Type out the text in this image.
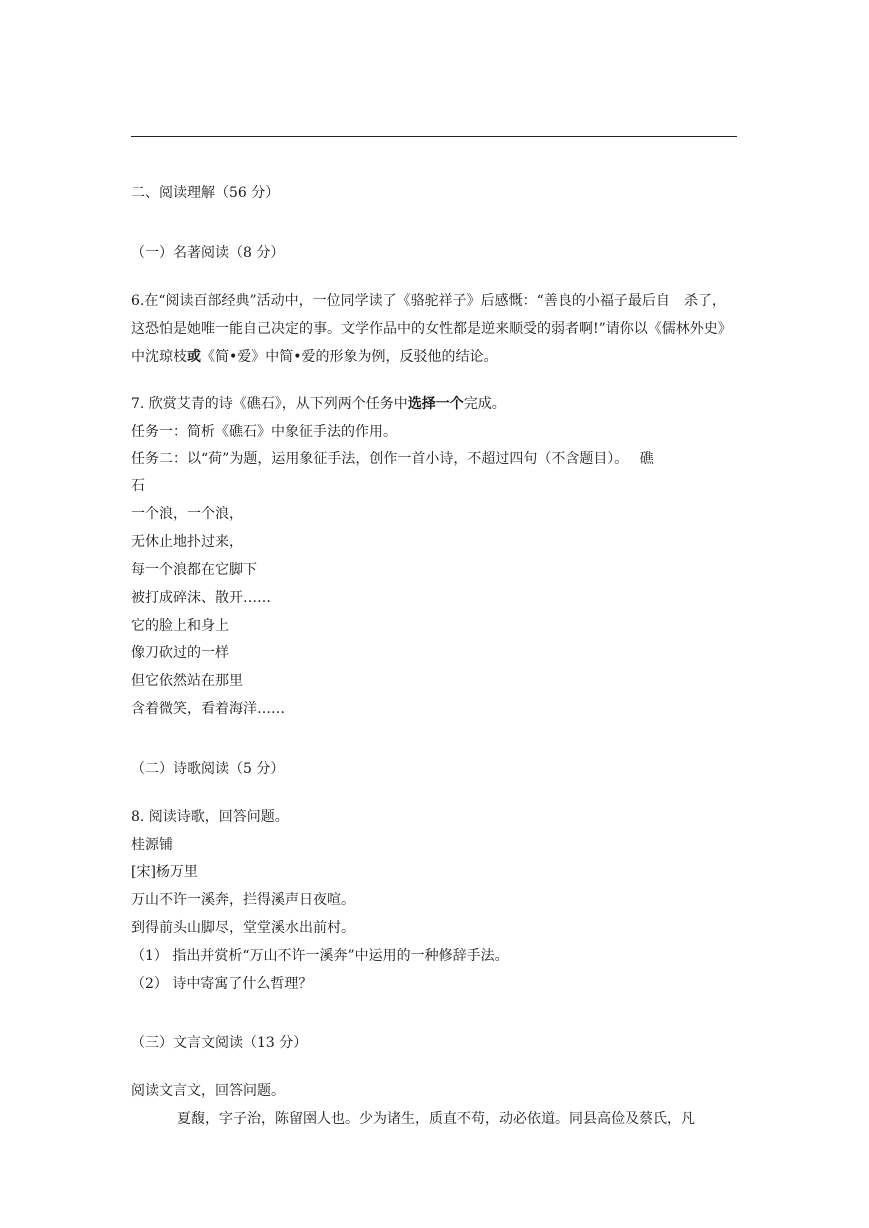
二、阅读理解（56 分）
（一）名著阅读（8 分）
6.在“阅读百部经典”活动中，一位同学读了《骆驼祥子》后感慨：“善良的小福子最后自　杀了，这恐怕是她唯一能自己决定的事。文学作品中的女性都是逆来顺受的弱者啊!”请你以《儒林外史》中沈琼枝或《简•爱》中简•爱的形象为例，反驳他的结论。
7. 欣赏艾青的诗《礁石》，从下列两个任务中选择一个完成。
任务一：简析《礁石》中象征手法的作用。
任务二：以“荷”为题，运用象征手法，创作一首小诗，不超过四句（不含题目）。　 礁
石
一个浪，一个浪，
无休止地扑过来，
每一个浪都在它脚下
被打成碎沫、散开……
它的脸上和身上
像刀砍过的一样
但它依然站在那里
含着微笑，看着海洋……
（二）诗歌阅读（5 分）
8. 阅读诗歌，回答问题。
桂源铺
[宋]杨万里
万山不许一溪奔，拦得溪声日夜喧。
到得前头山脚尽，堂堂溪水出前村。
（1） 指出并赏析“万山不许一溪奔”中运用的一种修辞手法。
（2） 诗中寄寓了什么哲理？
（三）文言文阅读（13 分）
阅读文言文，回答问题。
夏馥，字子治，陈留圉人也。少为诸生，质直不苟，动必依道。同县高俭及蔡氏，凡
